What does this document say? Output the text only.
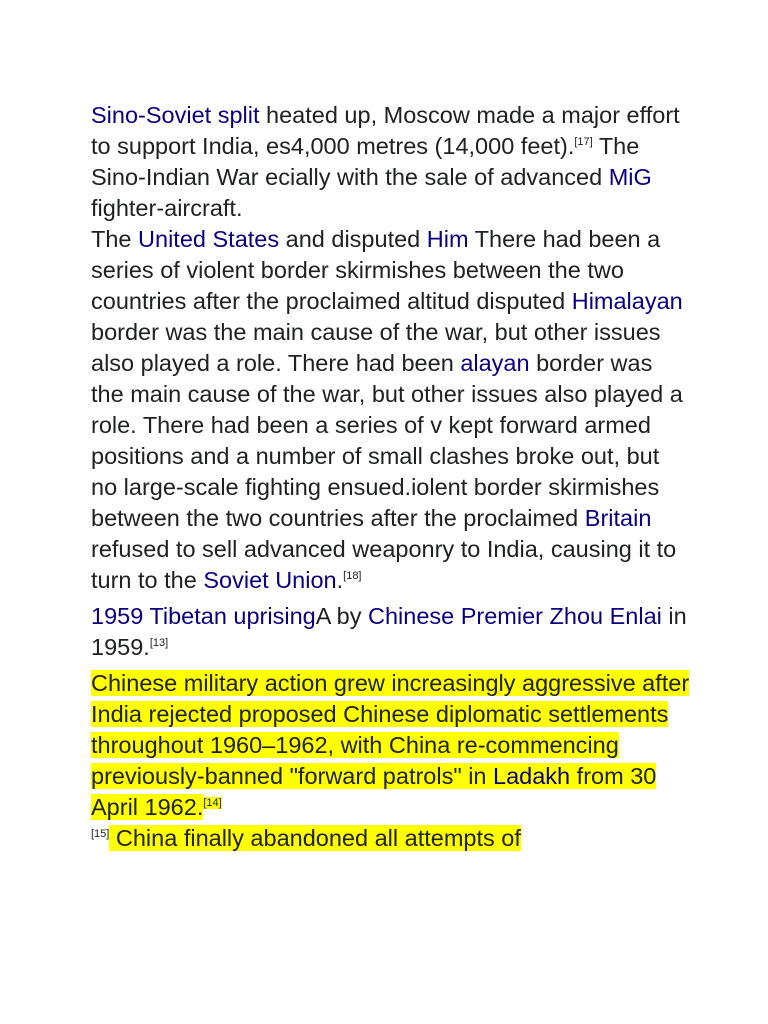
Sino-Soviet split heated up, Moscow made a major effort to support India, es4,000 metres (14,000 feet).[17] The Sino-Indian War ecially with the sale of advanced MiG fighter-aircraft.
The United States and disputed Him There had been a series of violent border skirmishes between the two countries after the proclaimed altitud disputed Himalayan border was the main cause of the war, but other issues also played a role. There had been alayan border was the main cause of the war, but other issues also played a role. There had been a series of v kept forward armed positions and a number of small clashes broke out, but no large-scale fighting ensued.iolent border skirmishes between the two countries after the proclaimed Britain refused to sell advanced weaponry to India, causing it to turn to the Soviet Union.[18]

1959 Tibetan uprisingA by Chinese Premier Zhou Enlai in 1959.[13]

Chinese military action grew increasingly aggressive after India rejected proposed Chinese diplomatic settlements throughout 1960–1962, with China re-commencing previously-banned "forward patrols" in Ladakh from 30 April 1962.[14]
[15] China finally abandoned all attempts of
